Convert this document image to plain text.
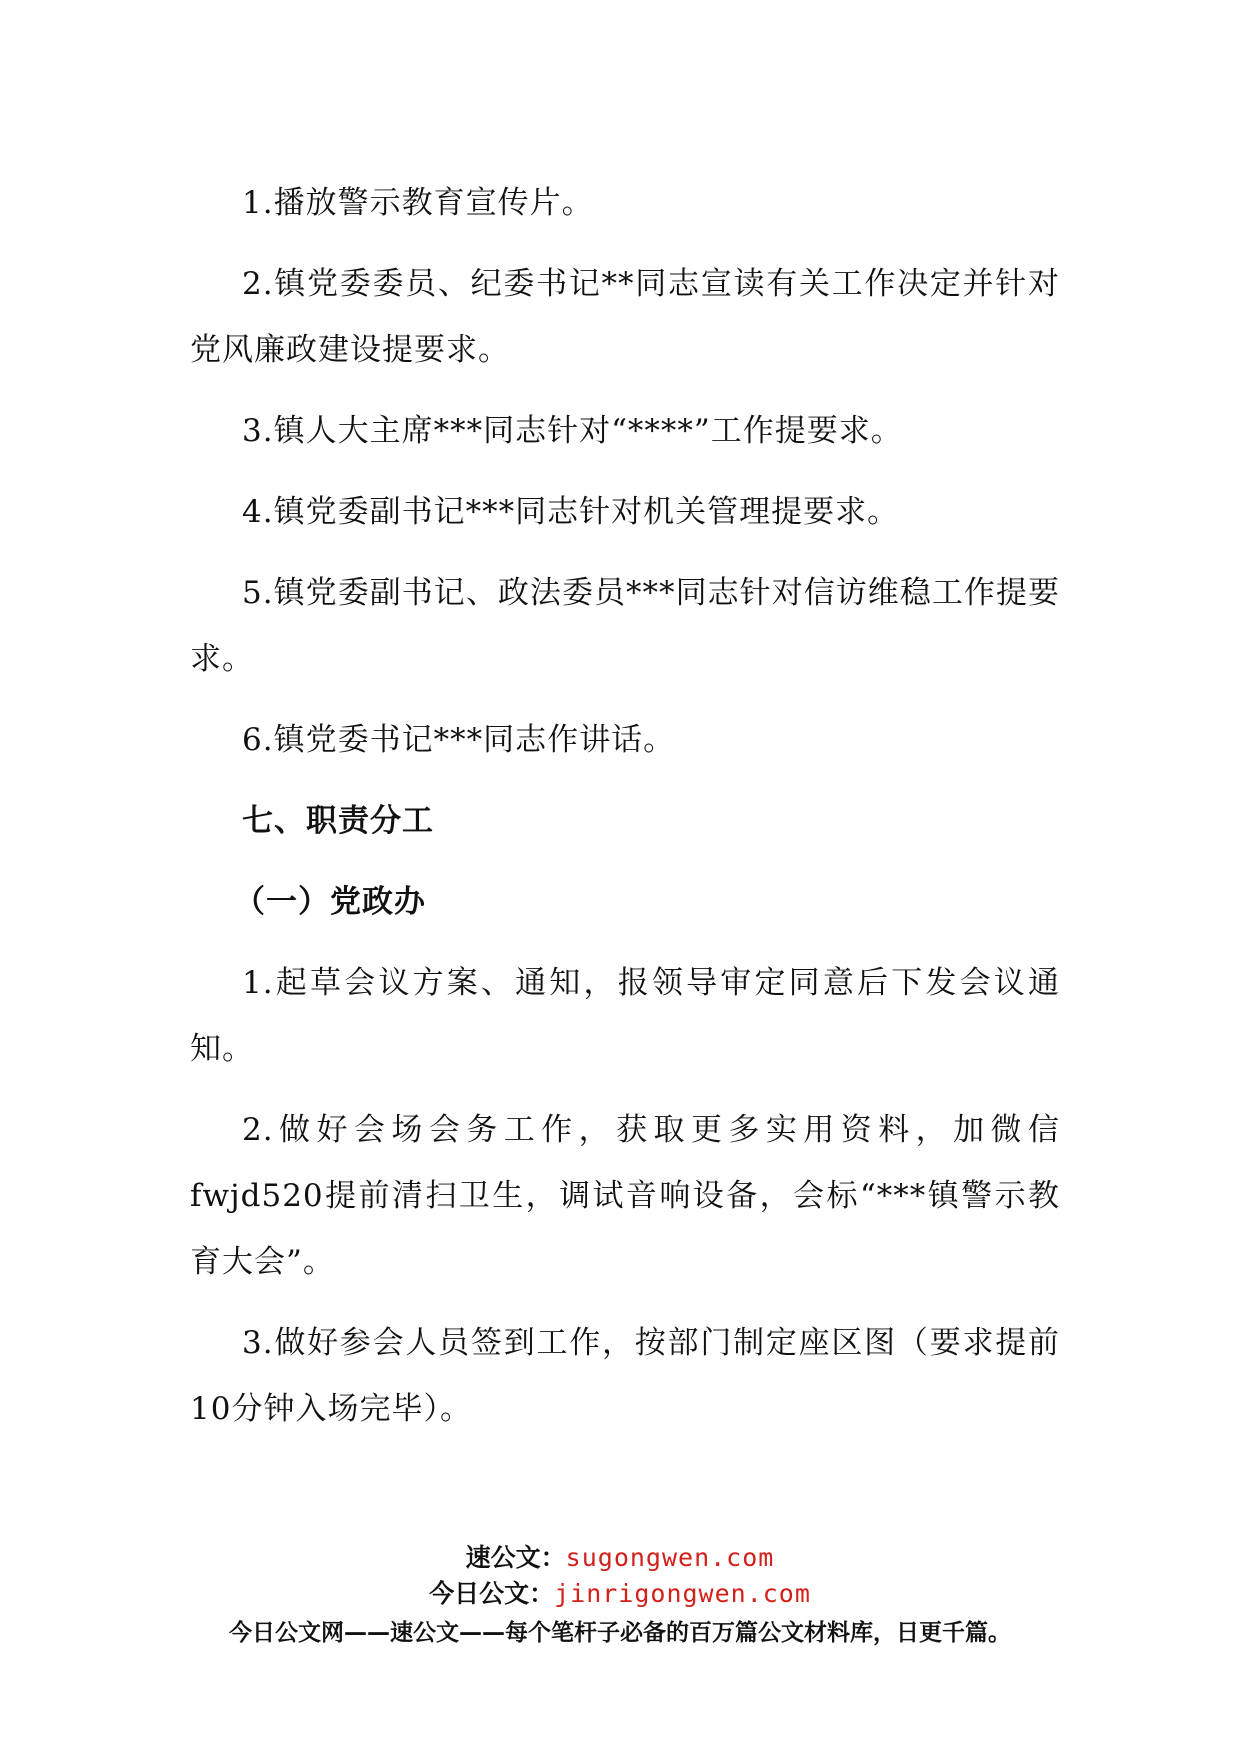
1.播放警示教育宣传片。

2.镇党委委员、纪委书记**同志宣读有关工作决定并针对党风廉政建设提要求。

3.镇人大主席***同志针对“****”工作提要求。

4.镇党委副书记***同志针对机关管理提要求。

5.镇党委副书记、政法委员***同志针对信访维稳工作提要求。

6.镇党委书记***同志作讲话。

七、职责分工

（一）党政办

1.起草会议方案、通知，报领导审定同意后下发会议通知。

2.做好会场会务工作，获取更多实用资料，加微信fwjd520提前清扫卫生，调试音响设备，会标“***镇警示教育大会”。

3.做好参会人员签到工作，按部门制定座区图（要求提前10分钟入场完毕）。

速公文：sugongwen.com

今日公文：jinrigongwen.com

今日公文网——速公文——每个笔杆子必备的百万篇公文材料库，日更千篇。
